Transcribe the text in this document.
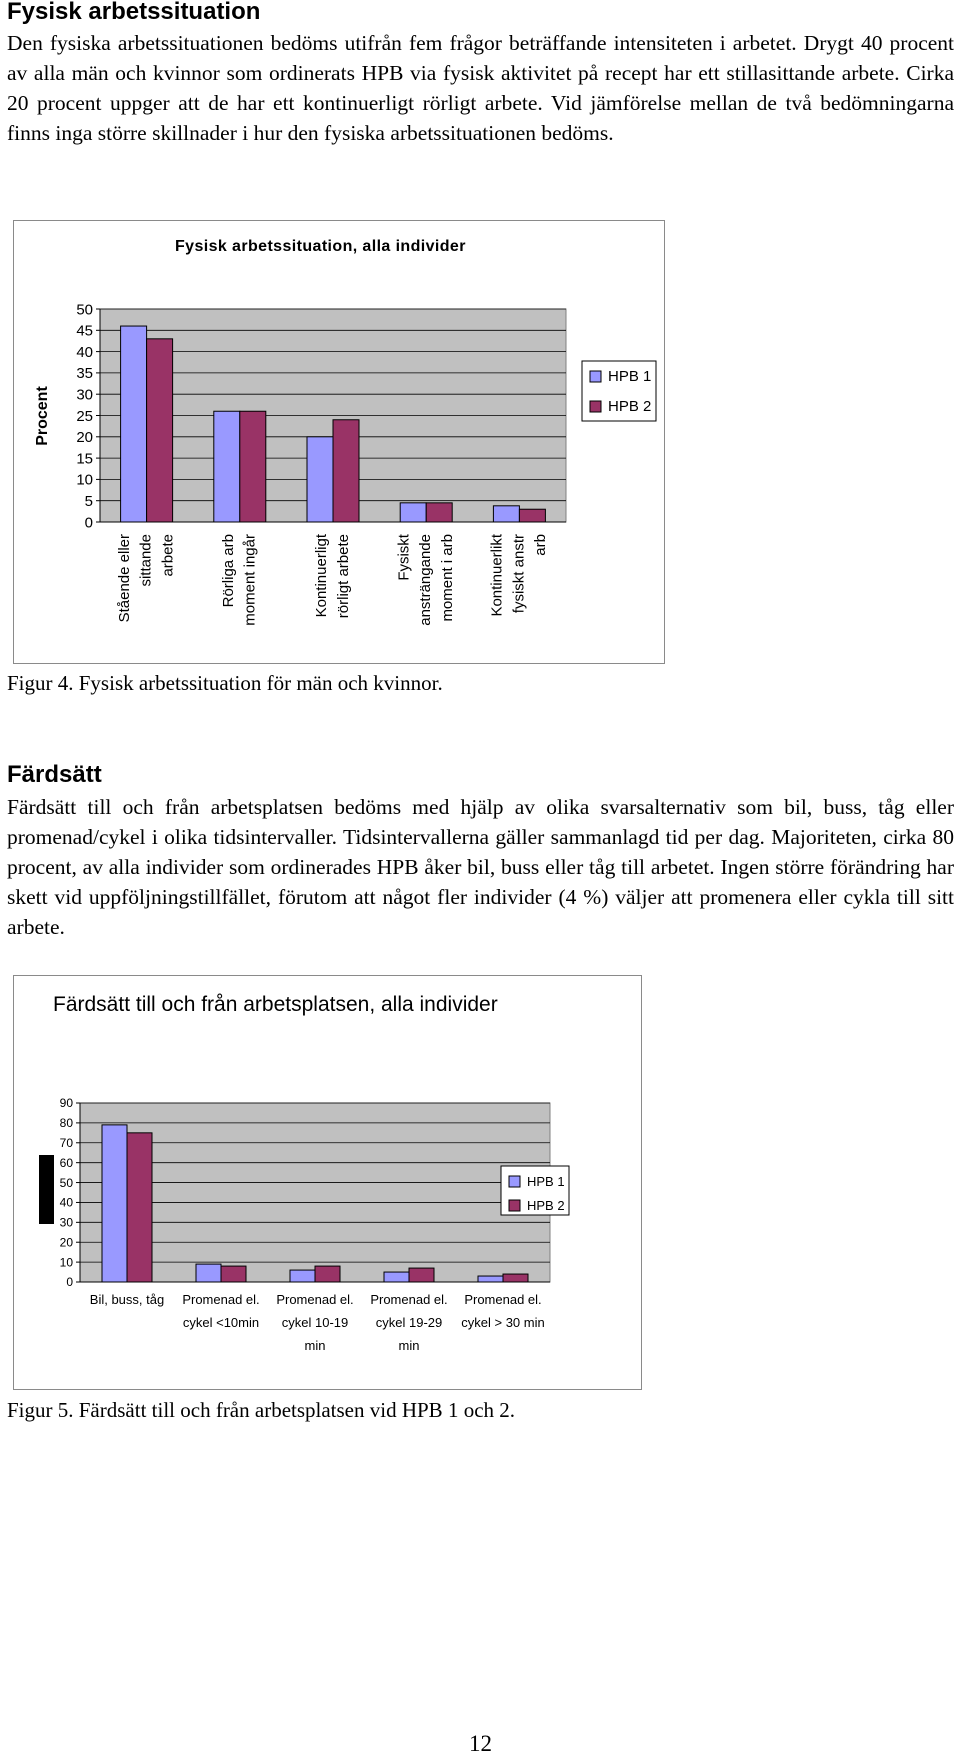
Fysisk arbetssituation

Den fysiska arbetssituationen bedöms utifrån fem frågor beträffande intensiteten i arbetet. Drygt 40 procent av alla män och kvinnor som ordinerats HPB via fysisk aktivitet på recept har ett stillasittande arbete. Cirka 20 procent uppger att de har ett kontinuerligt rörligt arbete. Vid jämförelse mellan de två bedömningarna finns inga större skillnader i hur den fysiska arbetssituationen bedöms.

Fysisk arbetssituation, alla individer
0
5
10
15
20
25
30
35
40
45
50
Stående eller sittande arbete	Rörliga arb moment ingår	Kontinuerligt rörligt arbete	Fysiskt ansträngande moment i arb Kontinuerlikt fysiskt anstr arb
Procent
HPB 1
HPB 2

Figur 4. Fysisk arbetssituation för män och kvinnor.

Färdsätt

Färdsätt till och från arbetsplatsen bedöms med hjälp av olika svarsalternativ som bil, buss, tåg eller promenad/cykel i olika tidsintervaller. Tidsintervallerna gäller sammanlagd tid per dag. Majoriteten, cirka 80 procent, av alla individer som ordinerades HPB åker bil, buss eller tåg till arbetet. Ingen större förändring har skett vid uppföljningstillfället, förutom att något fler individer (4 %) väljer att promenera eller cykla till sitt arbete.

Färdsätt till och från arbetsplatsen, alla individer
0
10
20
30
40
50
60
70
80
90
Bil, buss, tåg Promenad el.
cykel <10min
Promenad el.
cykel 10-19
min
Promenad el.
cykel 19-29
min
Promenad el.
cykel > 30 min
HPB 1
HPB 2

Figur 5. Färdsätt till och från arbetsplatsen vid HPB 1 och 2.

12
